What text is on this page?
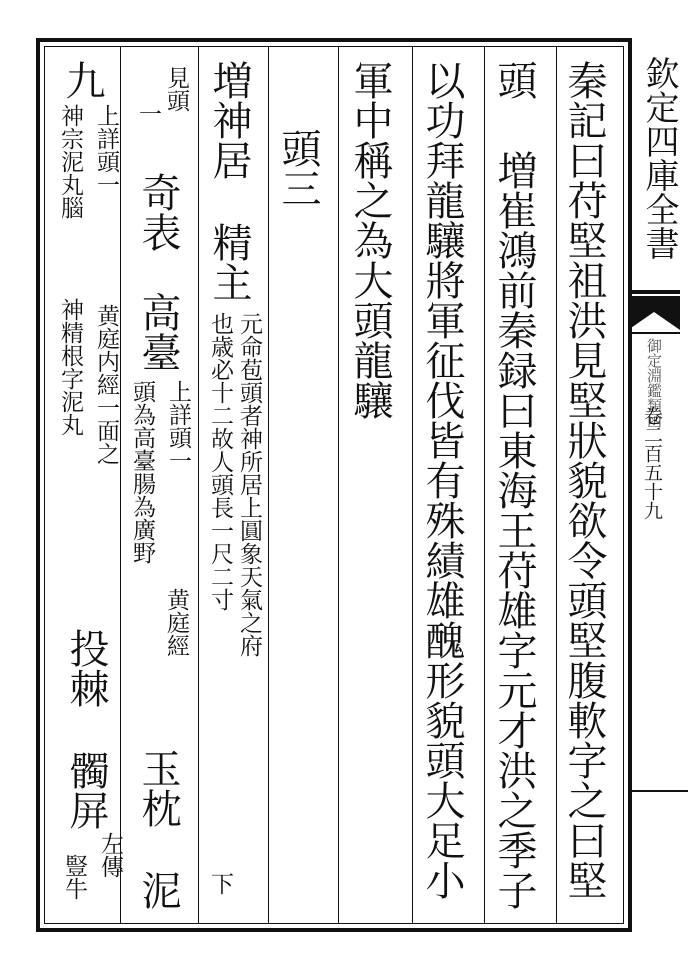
欽定四庫全書
御定淵鑑類函
卷二百五十九
秦記曰苻堅祖洪見堅狀貌欲令頭堅腹軟字之曰堅
頭
増崔鴻前秦録曰東海王苻雄字元才洪之季子
以功拜龍驤將軍征伐皆有殊績雄醜形貌頭大足小
軍中稱之為大頭龍驤
頭三
増神居
精主
元命苞頭者神所居上圓象天氣之府
也歳必十二故人頭長一尺二寸
下
見頭
一
奇表
高臺
上詳頭一
頭為高臺腸為廣野
黄庭經
玉枕
泥
九
上詳頭一
神宗泥丸腦
黄庭内經一面之
神精根字泥丸
投棘
髑屏
左傳
豎牛
